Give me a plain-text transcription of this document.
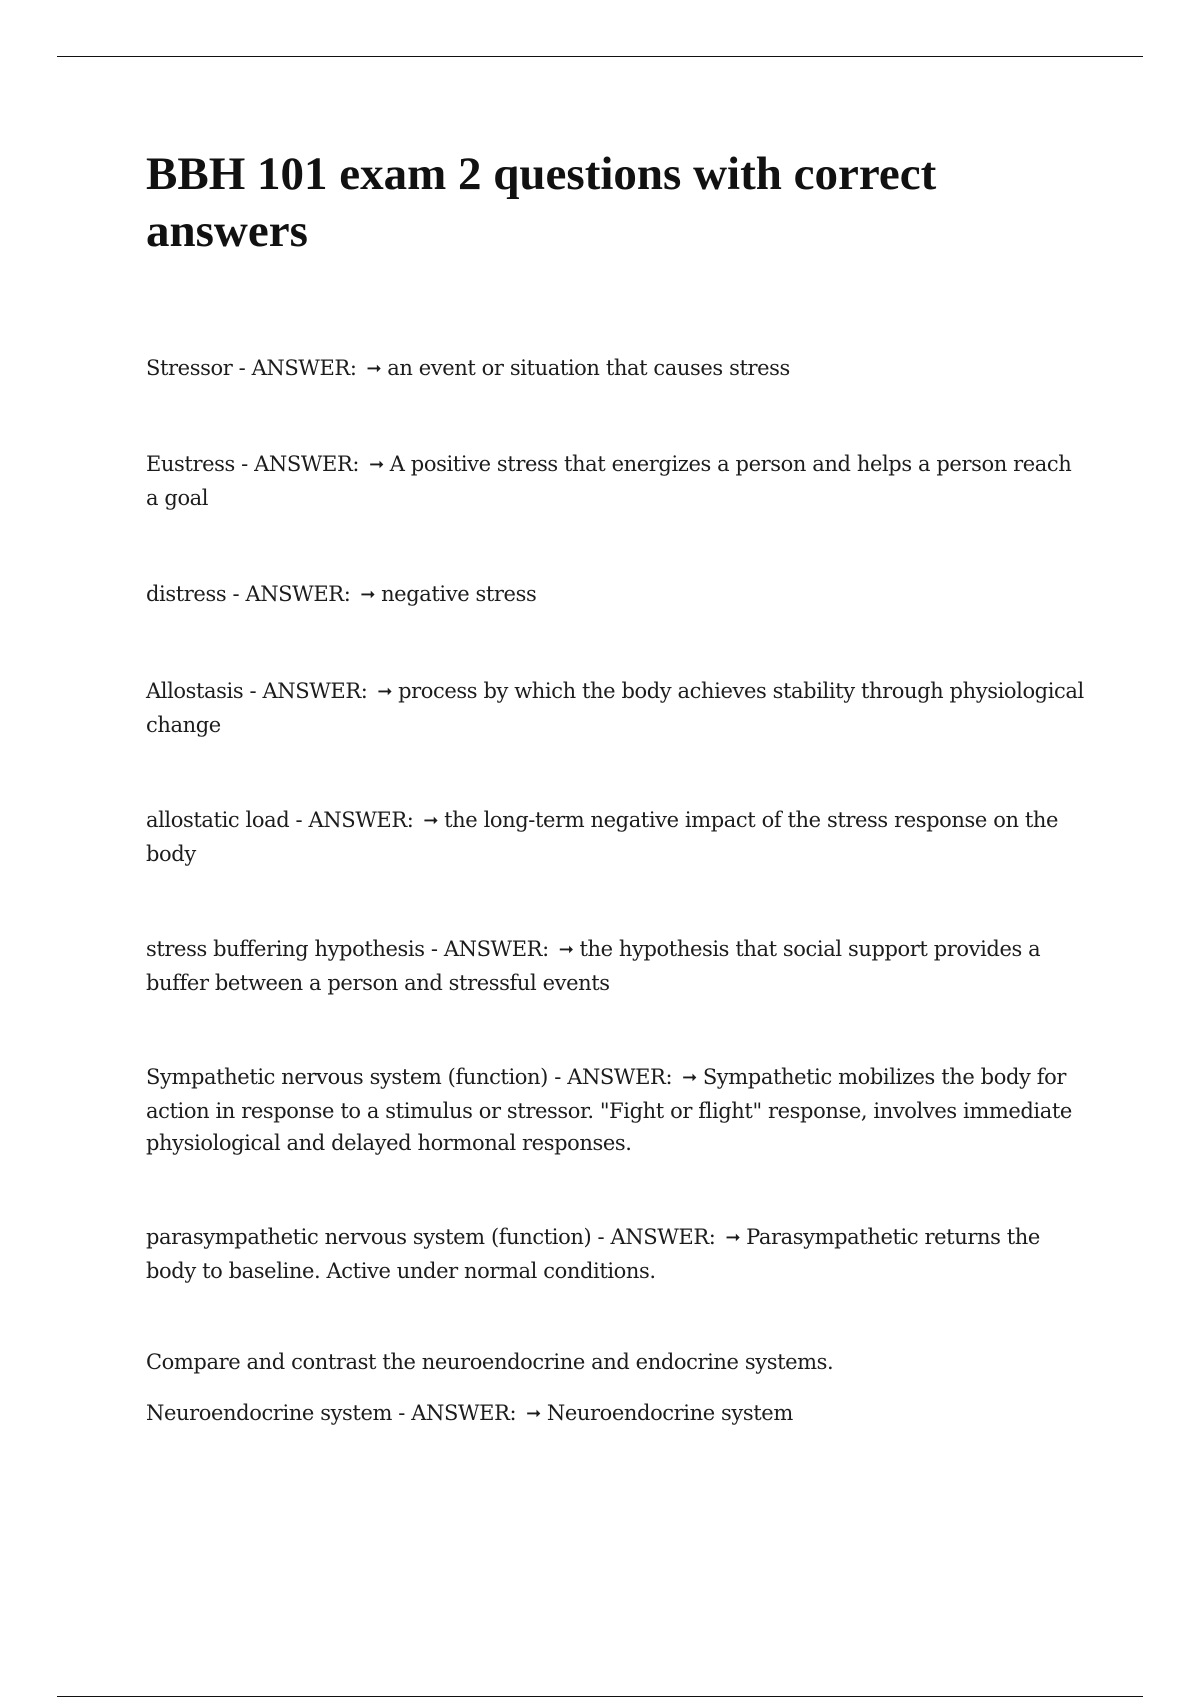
BBH 101 exam 2 questions with correct answers

Stressor - ANSWER: ➞ an event or situation that causes stress

Eustress - ANSWER: ➞ A positive stress that energizes a person and helps a person reach a goal

distress - ANSWER: ➞ negative stress

Allostasis - ANSWER: ➞ process by which the body achieves stability through physiological change

allostatic load - ANSWER: ➞ the long-term negative impact of the stress response on the body

stress buffering hypothesis - ANSWER: ➞ the hypothesis that social support provides a buffer between a person and stressful events

Sympathetic nervous system (function) - ANSWER: ➞ Sympathetic mobilizes the body for action in response to a stimulus or stressor. "Fight or flight" response, involves immediate physiological and delayed hormonal responses.

parasympathetic nervous system (function) - ANSWER: ➞ Parasympathetic returns the body to baseline. Active under normal conditions.

Compare and contrast the neuroendocrine and endocrine systems.

Neuroendocrine system - ANSWER: ➞ Neuroendocrine system
